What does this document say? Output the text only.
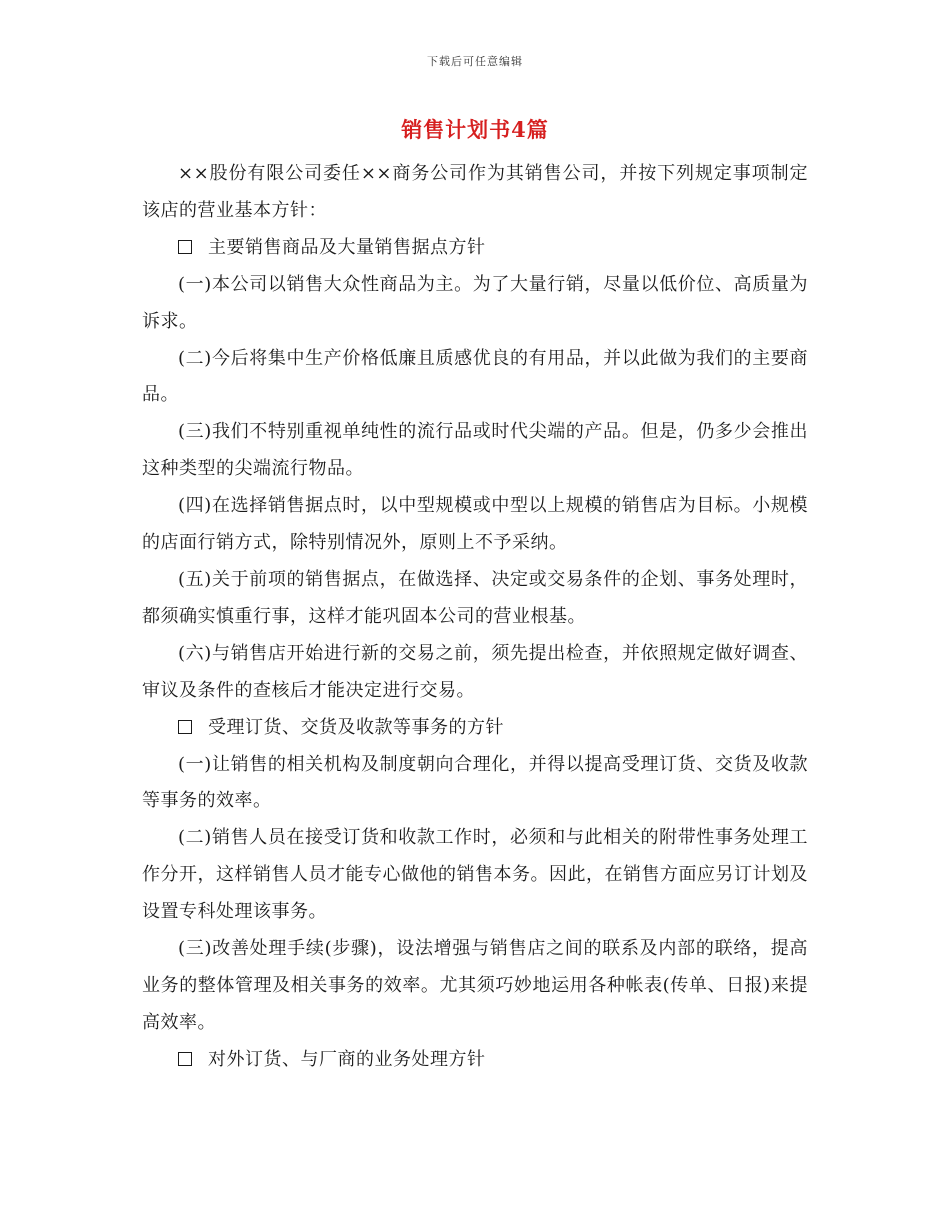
下载后可任意编辑
销售计划书4篇

××股份有限公司委任××商务公司作为其销售公司，并按下列规定事项制定该店的营业基本方针：

主要销售商品及大量销售据点方针

(一)本公司以销售大众性商品为主。为了大量行销，尽量以低价位、高质量为诉求。

(二)今后将集中生产价格低廉且质感优良的有用品，并以此做为我们的主要商品。

(三)我们不特别重视单纯性的流行品或时代尖端的产品。但是，仍多少会推出这种类型的尖端流行物品。

(四)在选择销售据点时，以中型规模或中型以上规模的销售店为目标。小规模的店面行销方式，除特别情况外，原则上不予采纳。

(五)关于前项的销售据点，在做选择、决定或交易条件的企划、事务处理时，都须确实慎重行事，这样才能巩固本公司的营业根基。

(六)与销售店开始进行新的交易之前，须先提出检查，并依照规定做好调查、审议及条件的查核后才能决定进行交易。

受理订货、交货及收款等事务的方针

(一)让销售的相关机构及制度朝向合理化，并得以提高受理订货、交货及收款等事务的效率。

(二)销售人员在接受订货和收款工作时，必须和与此相关的附带性事务处理工作分开，这样销售人员才能专心做他的销售本务。因此，在销售方面应另订计划及设置专科处理该事务。

(三)改善处理手续(步骤)，设法增强与销售店之间的联系及内部的联络，提高业务的整体管理及相关事务的效率。尤其须巧妙地运用各种帐表(传单、日报)来提高效率。

对外订货、与厂商的业务处理方针
